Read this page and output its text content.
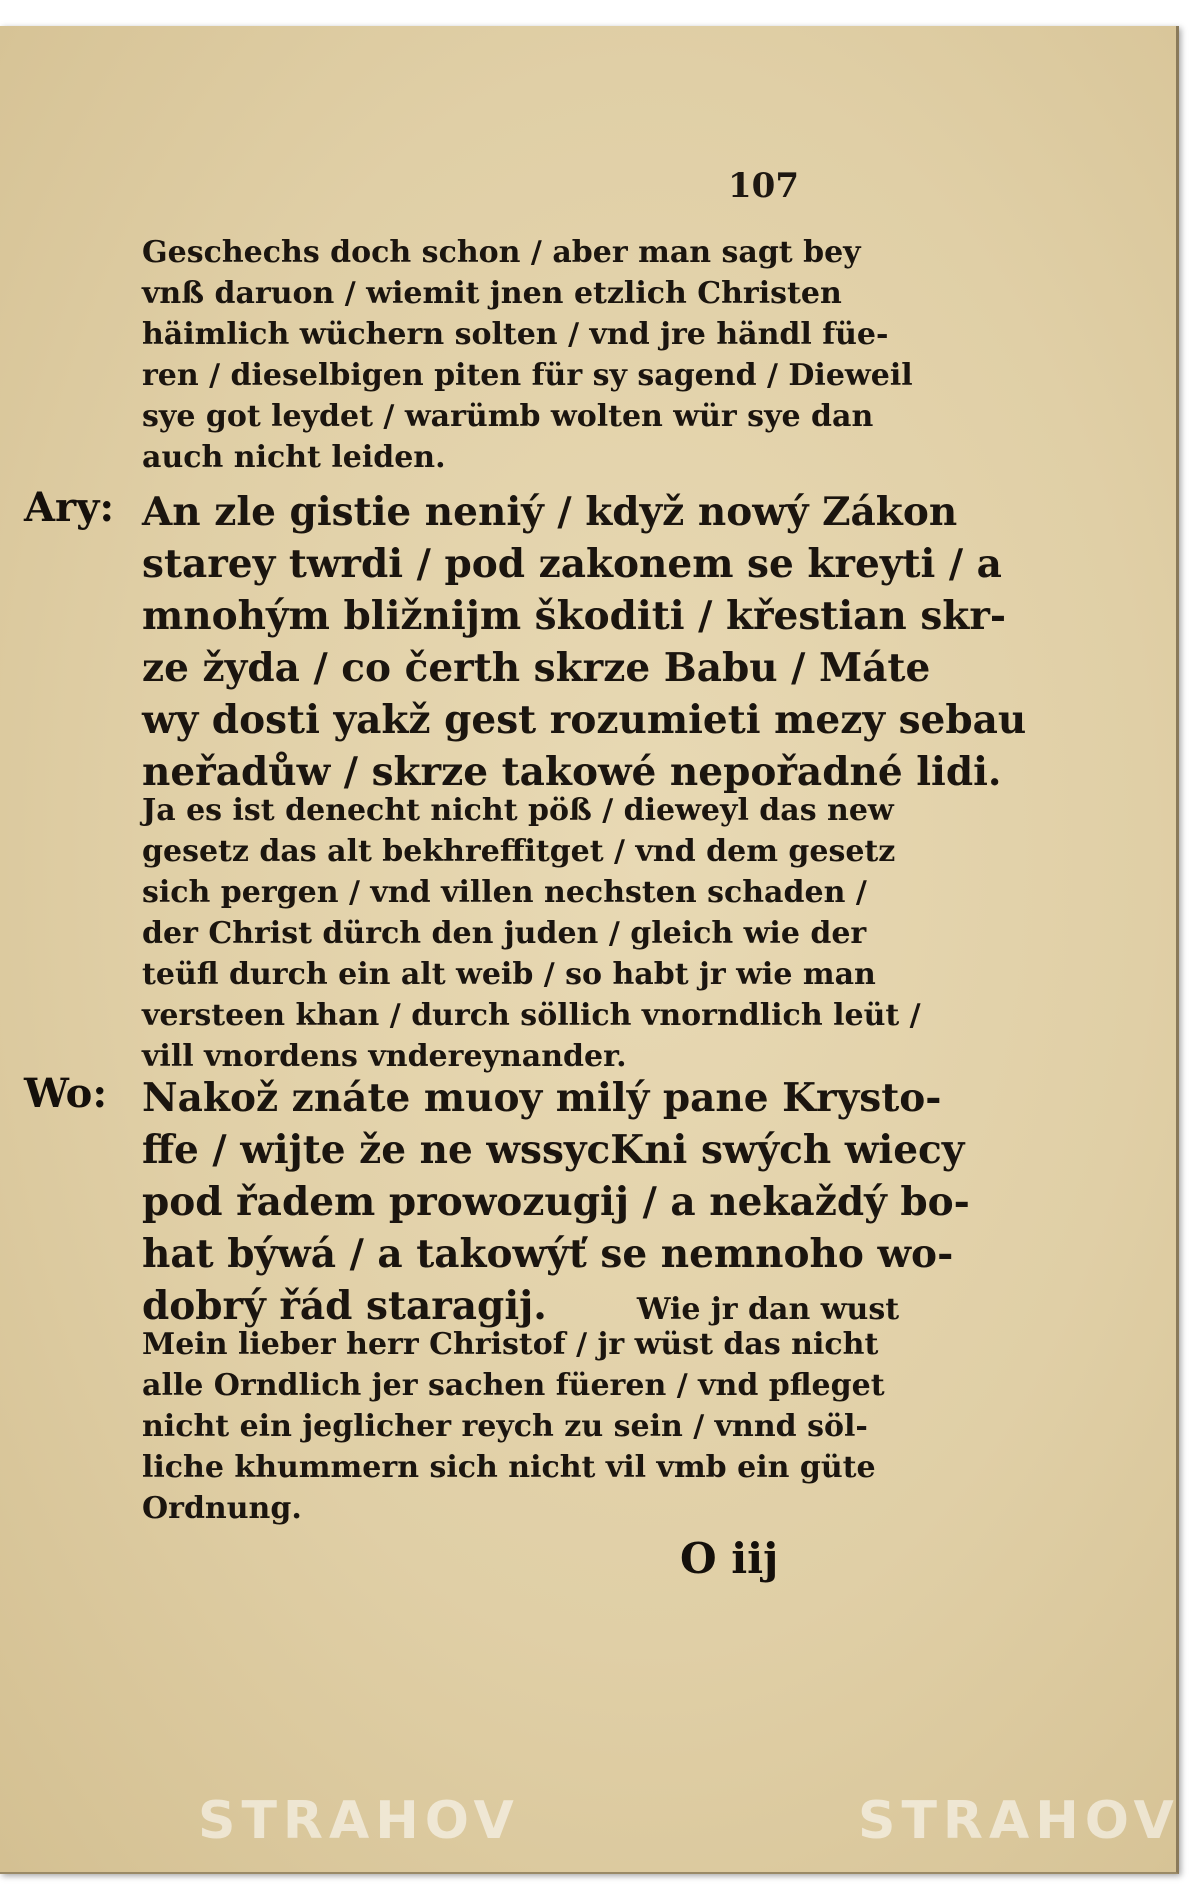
107
Geschechs doch schon / aber man sagt bey
vnß daruon / wiemit jnen etzlich Christen
häimlich wüchern solten / vnd jre händl füe-
ren / dieselbigen piten für sy sagend / Dieweil
sye got leydet / warümb wolten wür sye dan
auch nicht leiden.
Ary: An zle gistie neniý / když nowý Zákon
starey twrdi / pod zakonem se kreyti / a
mnohým bližnijm škoditi / křestian skr-
ze žyda / co čerth skrze Babu / Máte
wy dosti yakž gest rozumieti mezy sebau
neřadůw / skrze takowé nepořadné lidi.
Ja es ist denecht nicht pöß / dieweyl das new
gesetz das alt bekhreffitget / vnd dem gesetz
sich pergen / vnd villen nechsten schaden /
der Christ dürch den juden / gleich wie der
teüfl durch ein alt weib / so habt jr wie man
versteen khan / durch söllich vnorndlich leüt /
vill vnordens vndereynander.
Wo: Nakož znáte muoy milý pane Krysto-
ffe / wijte že ne wssycKni swých wiecy
pod řadem prowozugij / a nekaždý bo-
hat býwá / a takowýť se nemnoho wo-
dobrý řád staragij.	Wie jr dan wust
Mein lieber herr Christof / jr wüst das nicht
alle Orndlich jer sachen füeren / vnd pfleget
nicht ein jeglicher reych zu sein / vnnd söl-
liche khummern sich nicht vil vmb ein güte
Ordnung.
O iij
STRAHOV	STRAHOV
